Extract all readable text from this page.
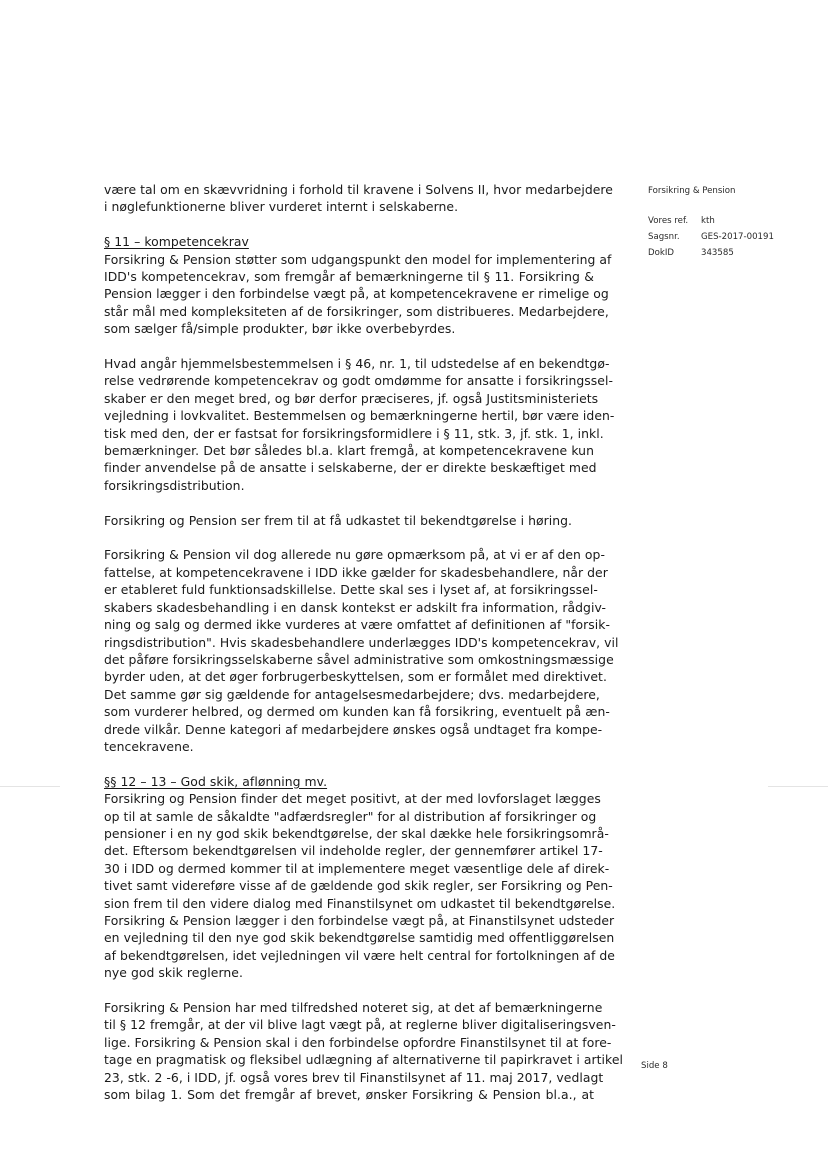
være tal om en skævvridning i forhold til kravene i Solvens II, hvor medarbejdere
i nøglefunktionerne bliver vurderet internt i selskaberne.
§ 11 – kompetencekrav
Forsikring & Pension støtter som udgangspunkt den model for implementering af
IDD's kompetencekrav, som fremgår af bemærkningerne til § 11. Forsikring &
Pension lægger i den forbindelse vægt på, at kompetencekravene er rimelige og
står mål med kompleksiteten af de forsikringer, som distribueres. Medarbejdere,
som sælger få/simple produkter, bør ikke overbebyrdes.
Hvad angår hjemmelsbestemmelsen i § 46, nr. 1, til udstedelse af en bekendtgø-
relse vedrørende kompetencekrav og godt omdømme for ansatte i forsikringssel-
skaber er den meget bred, og bør derfor præciseres, jf. også Justitsministeriets
vejledning i lovkvalitet. Bestemmelsen og bemærkningerne hertil, bør være iden-
tisk med den, der er fastsat for forsikringsformidlere i § 11, stk. 3, jf. stk. 1, inkl.
bemærkninger. Det bør således bl.a. klart fremgå, at kompetencekravene kun
finder anvendelse på de ansatte i selskaberne, der er direkte beskæftiget med
forsikringsdistribution.
Forsikring og Pension ser frem til at få udkastet til bekendtgørelse i høring.
Forsikring & Pension vil dog allerede nu gøre opmærksom på, at vi er af den op-
fattelse, at kompetencekravene i IDD ikke gælder for skadesbehandlere, når der
er etableret fuld funktionsadskillelse. Dette skal ses i lyset af, at forsikringssel-
skabers skadesbehandling i en dansk kontekst er adskilt fra information, rådgiv-
ning og salg og dermed ikke vurderes at være omfattet af definitionen af "forsik-
ringsdistribution". Hvis skadesbehandlere underlægges IDD's kompetencekrav, vil
det påføre forsikringsselskaberne såvel administrative som omkostningsmæssige
byrder uden, at det øger forbrugerbeskyttelsen, som er formålet med direktivet.
Det samme gør sig gældende for antagelsesmedarbejdere; dvs. medarbejdere,
som vurderer helbred, og dermed om kunden kan få forsikring, eventuelt på æn-
drede vilkår. Denne kategori af medarbejdere ønskes også undtaget fra kompe-
tencekravene.
§§ 12 – 13 – God skik, aflønning mv.
Forsikring og Pension finder det meget positivt, at der med lovforslaget lægges
op til at samle de såkaldte "adfærdsregler" for al distribution af forsikringer og
pensioner i en ny god skik bekendtgørelse, der skal dække hele forsikringsområ-
det. Eftersom bekendtgørelsen vil indeholde regler, der gennemfører artikel 17-
30 i IDD og dermed kommer til at implementere meget væsentlige dele af direk-
tivet samt videreføre visse af de gældende god skik regler, ser Forsikring og Pen-
sion frem til den videre dialog med Finanstilsynet om udkastet til bekendtgørelse.
Forsikring & Pension lægger i den forbindelse vægt på, at Finanstilsynet udsteder
en vejledning til den nye god skik bekendtgørelse samtidig med offentliggørelsen
af bekendtgørelsen, idet vejledningen vil være helt central for fortolkningen af de
nye god skik reglerne.
Forsikring & Pension har med tilfredshed noteret sig, at det af bemærkningerne
til § 12 fremgår, at der vil blive lagt vægt på, at reglerne bliver digitaliseringsven-
lige. Forsikring & Pension skal i den forbindelse opfordre Finanstilsynet til at fore-
tage en pragmatisk og fleksibel udlægning af alternativerne til papirkravet i artikel
23, stk. 2 -6, i IDD, jf. også vores brev til Finanstilsynet af 11. maj 2017, vedlagt
som bilag 1. Som det fremgår af brevet, ønsker Forsikring & Pension bl.a., at
Forsikring & Pension
Vores ref.	kth
Sagsnr.	GES-2017-00191
DokID	343585
Side 8
